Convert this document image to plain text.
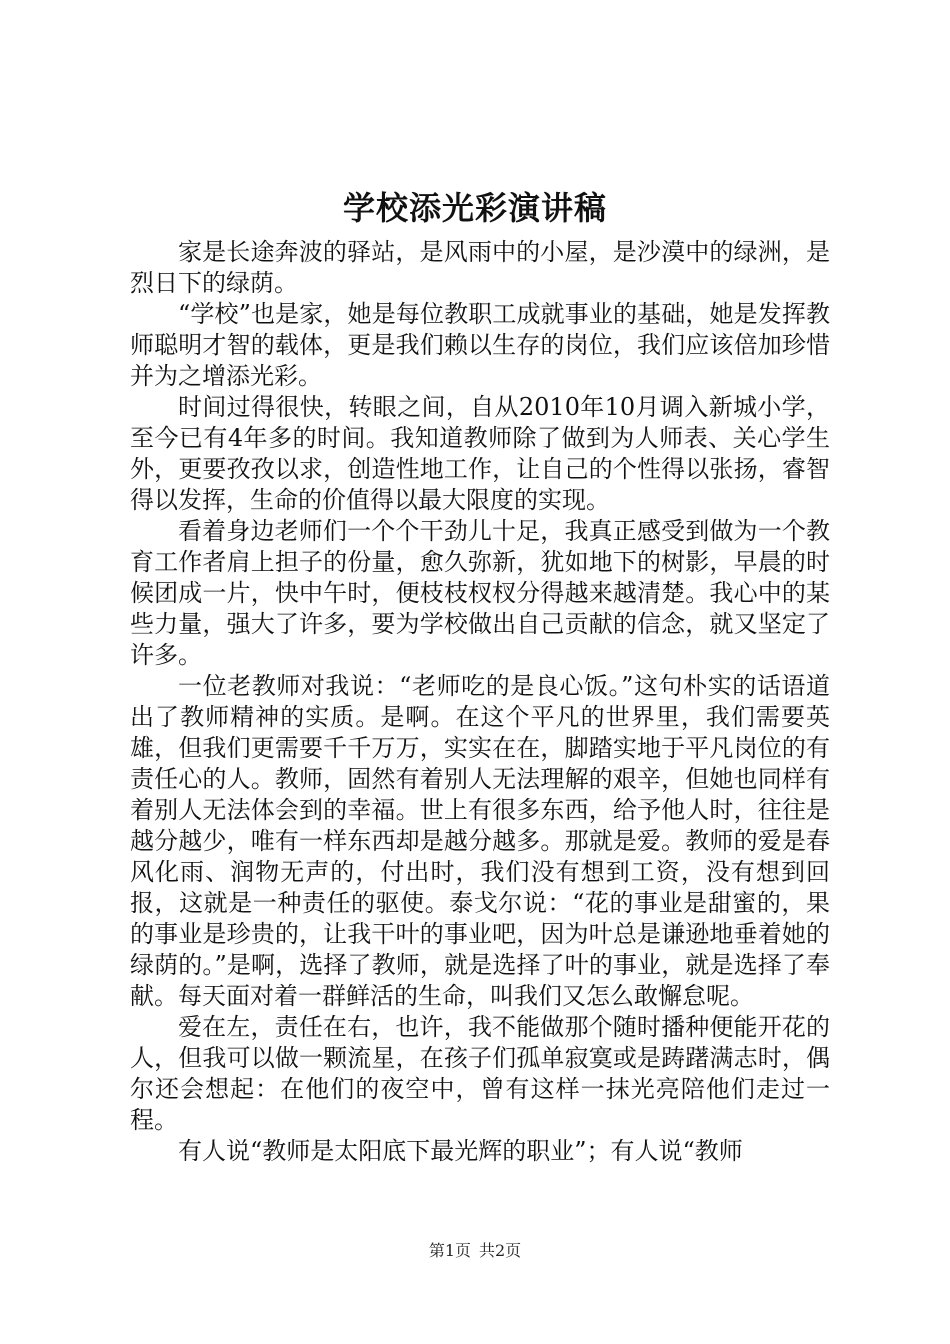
学校添光彩演讲稿

家是长途奔波的驿站，是风雨中的小屋，是沙漠中的绿洲，是烈日下的绿荫。

“学校”也是家，她是每位教职工成就事业的基础，她是发挥教师聪明才智的载体，更是我们赖以生存的岗位，我们应该倍加珍惜并为之增添光彩。

时间过得很快，转眼之间，自从2010年10月调入新城小学，至今已有4年多的时间。我知道教师除了做到为人师表、关心学生外，更要孜孜以求，创造性地工作，让自己的个性得以张扬，睿智得以发挥，生命的价值得以最大限度的实现。

看着身边老师们一个个干劲儿十足，我真正感受到做为一个教育工作者肩上担子的份量，愈久弥新，犹如地下的树影，早晨的时候团成一片，快中午时，便枝枝杈杈分得越来越清楚。我心中的某些力量，强大了许多，要为学校做出自己贡献的信念，就又坚定了许多。

一位老教师对我说：“老师吃的是良心饭。”这句朴实的话语道出了教师精神的实质。是啊。在这个平凡的世界里，我们需要英雄，但我们更需要千千万万，实实在在，脚踏实地于平凡岗位的有责任心的人。教师，固然有着别人无法理解的艰辛，但她也同样有着别人无法体会到的幸福。世上有很多东西，给予他人时，往往是越分越少，唯有一样东西却是越分越多。那就是爱。教师的爱是春风化雨、润物无声的，付出时，我们没有想到工资，没有想到回报，这就是一种责任的驱使。泰戈尔说：“花的事业是甜蜜的，果的事业是珍贵的，让我干叶的事业吧，因为叶总是谦逊地垂着她的绿荫的。”是啊，选择了教师，就是选择了叶的事业，就是选择了奉献。每天面对着一群鲜活的生命，叫我们又怎么敢懈怠呢。

爱在左，责任在右，也许，我不能做那个随时播种便能开花的人，但我可以做一颗流星，在孩子们孤单寂寞或是踌躇满志时，偶尔还会想起：在他们的夜空中，曾有这样一抹光亮陪他们走过一程。

有人说“教师是太阳底下最光辉的职业”；有人说“教师

第1页 共2页
